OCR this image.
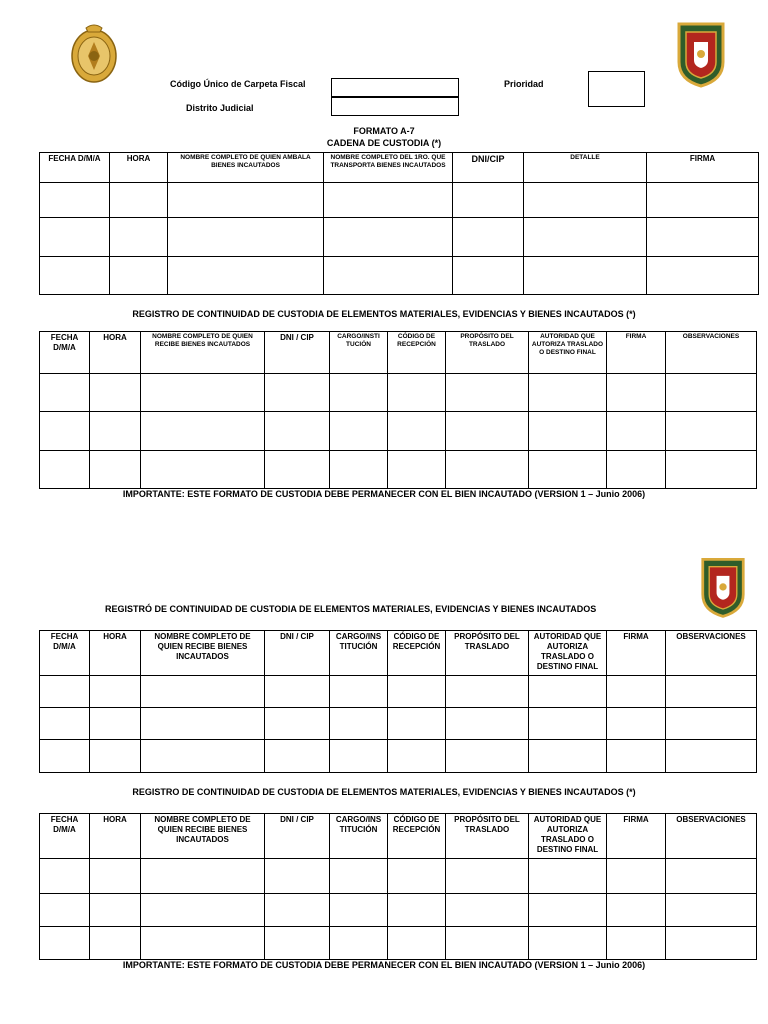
Código Único de Carpeta Fiscal
Distrito Judicial
Prioridad
FORMATO A-7
CADENA DE CUSTODIA (*)
FECHA D/M/A	HORA	NOMBRE COMPLETO DE QUIEN AMBALA BIENES INCAUTADOS	NOMBRE COMPLETO DEL 1RO. QUE TRANSPORTA BIENES INCAUTADOS	DNI/CIP	DETALLE	FIRMA

REGISTRO DE CONTINUIDAD DE CUSTODIA DE ELEMENTOS MATERIALES, EVIDENCIAS Y BIENES INCAUTADOS (*)
FECHA D/M/A	HORA	NOMBRE COMPLETO DE QUIEN RECIBE BIENES INCAUTADOS	DNI / CIP	CARGO/INSTI TUCIÓN	CÓDIGO DE RECEPCIÓN	PROPÓSITO DEL TRASLADO	AUTORIDAD QUE AUTORIZA TRASLADO O DESTINO FINAL	FIRMA	OBSERVACIONES

IMPORTANTE: ESTE FORMATO DE CUSTODIA DEBE PERMANECER CON EL BIEN INCAUTADO (VERSION 1 – Junio 2006)
REGISTRÓ DE CONTINUIDAD DE CUSTODIA DE ELEMENTOS MATERIALES, EVIDENCIAS Y BIENES INCAUTADOS
FECHA D/M/A	HORA	NOMBRE COMPLETO DE QUIEN RECIBE BIENES INCAUTADOS	DNI / CIP	CARGO/INS TITUCIÓN	CÓDIGO DE RECEPCIÓN	PROPÓSITO DEL TRASLADO	AUTORIDAD QUE AUTORIZA TRASLADO O DESTINO FINAL	FIRMA	OBSERVACIONES

REGISTRO DE CONTINUIDAD DE CUSTODIA DE ELEMENTOS MATERIALES, EVIDENCIAS Y BIENES INCAUTADOS (*)
FECHA D/M/A	HORA	NOMBRE COMPLETO DE QUIEN RECIBE BIENES INCAUTADOS	DNI / CIP	CARGO/INS TITUCIÓN	CÓDIGO DE RECEPCIÓN	PROPÓSITO DEL TRASLADO	AUTORIDAD QUE AUTORIZA TRASLADO O DESTINO FINAL	FIRMA	OBSERVACIONES

IMPORTANTE: ESTE FORMATO DE CUSTODIA DEBE PERMANECER CON EL BIEN INCAUTADO (VERSION 1 – Junio 2006)
